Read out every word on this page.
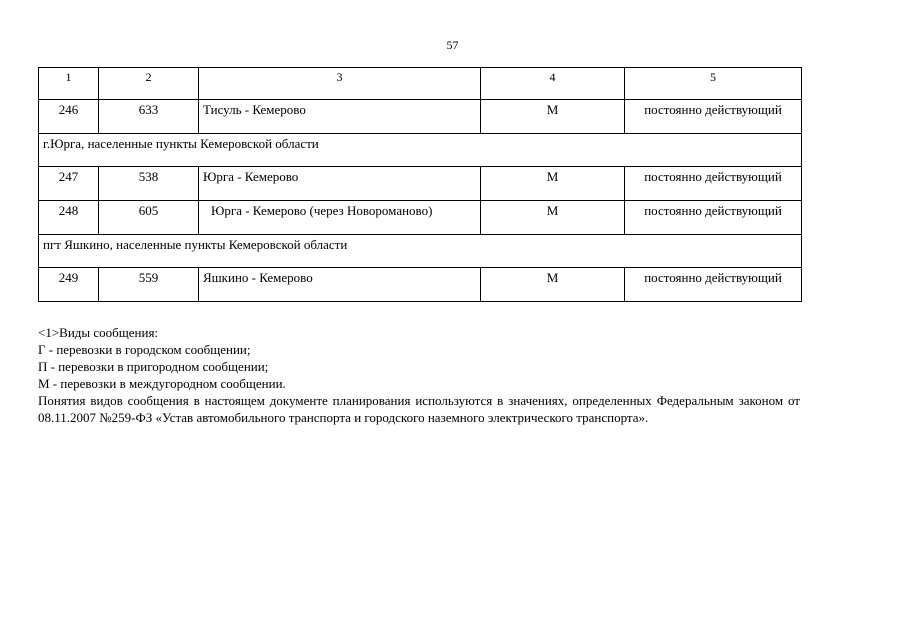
57
1	2	3	4	5
246	633	Тисуль - Кемерово	М	постоянно действующий
г.Юрга, населенные пункты Кемеровской области				
247	538	Юрга - Кемерово	М	постоянно действующий
248	605	Юрга - Кемерово (через Новороманово)	М	постоянно действующий
пгт Яшкино, населенные пункты Кемеровской области				
249	559	Яшкино - Кемерово	М	постоянно действующий

<1>Виды сообщения:

Г - перевозки в городском сообщении;

П - перевозки в пригородном сообщении;

М - перевозки в междугородном сообщении.

Понятия видов сообщения в настоящем документе планирования используются в значениях, определенных Федеральным законом от 08.11.2007 №259-ФЗ «Устав автомобильного транспорта и городского наземного электрического транспорта».
